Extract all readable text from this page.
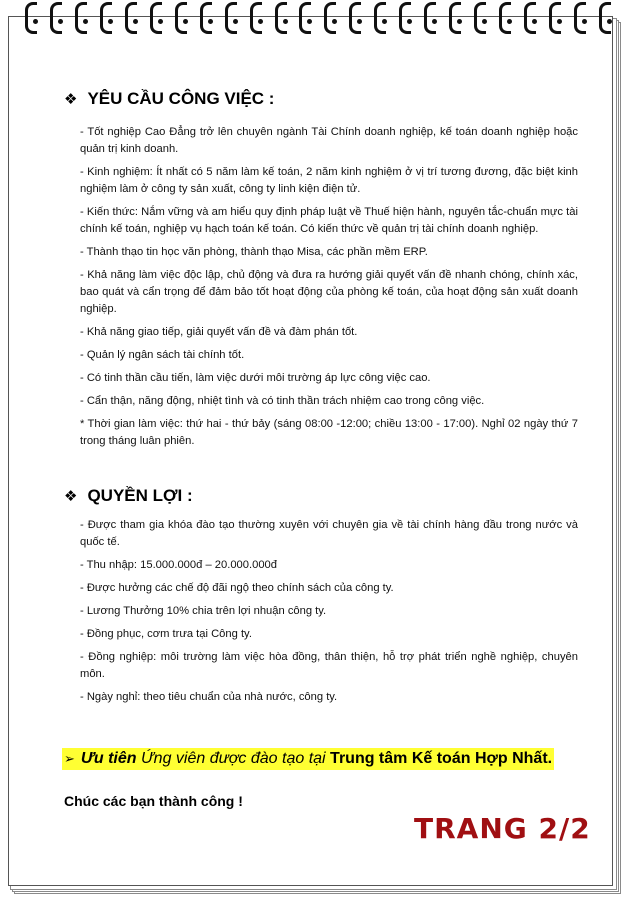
❖ YÊU CẦU CÔNG VIỆC :

- Tốt nghiệp Cao Đẳng trở lên chuyên ngành Tài Chính doanh nghiệp, kế toán doanh nghiệp hoặc quản trị kinh doanh.

- Kinh nghiệm: Ít nhất có 5 năm làm kế toán, 2 năm kinh nghiệm ở vị trí tương đương, đặc biệt kinh nghiệm làm ở công ty sản xuất, công ty linh kiện điện tử.

- Kiến thức: Nắm vững và am hiểu quy định pháp luật về Thuế hiện hành, nguyên tắc-chuẩn mực tài chính kế toán, nghiệp vụ hạch toán kế toán. Có kiến thức về quản trị tài chính doanh nghiệp.

- Thành thạo tin học văn phòng, thành thạo Misa, các phần mềm ERP.

- Khả năng làm việc độc lập, chủ động và đưa ra hướng giải quyết vấn đề nhanh chóng, chính xác, bao quát và cẩn trọng để đảm bảo tốt hoạt động của phòng kế toán, của hoạt động sản xuất doanh nghiệp.

- Khả năng giao tiếp, giải quyết vấn đề và đàm phán tốt.

- Quản lý ngân sách tài chính tốt.

- Có tinh thần cầu tiến, làm việc dưới môi trường áp lực công việc cao.

- Cẩn thận, năng động, nhiệt tình và có tinh thần trách nhiệm cao trong công việc.

* Thời gian làm việc: thứ hai - thứ bảy (sáng 08:00 -12:00; chiều 13:00 - 17:00). Nghỉ 02 ngày thứ 7 trong tháng luân phiên.

❖ QUYỀN LỢI :

- Được tham gia khóa đào tạo thường xuyên với chuyên gia về tài chính hàng đầu trong nước và quốc tế.

- Thu nhập: 15.000.000đ – 20.000.000đ

- Được hưởng các chế độ đãi ngộ theo chính sách của công ty.

- Lương Thưởng 10% chia trên lợi nhuận công ty.

- Đồng phục, cơm trưa tại Công ty.

- Đồng nghiệp: môi trường làm việc hòa đồng, thân thiện, hỗ trợ phát triển nghề nghiệp, chuyên môn.

- Ngày nghỉ: theo tiêu chuẩn của nhà nước, công ty.

➢ Ưu tiên Ứng viên được đào tạo tại Trung tâm Kế toán Hợp Nhất.
Chúc các bạn thành công !
TRANG 2/2
